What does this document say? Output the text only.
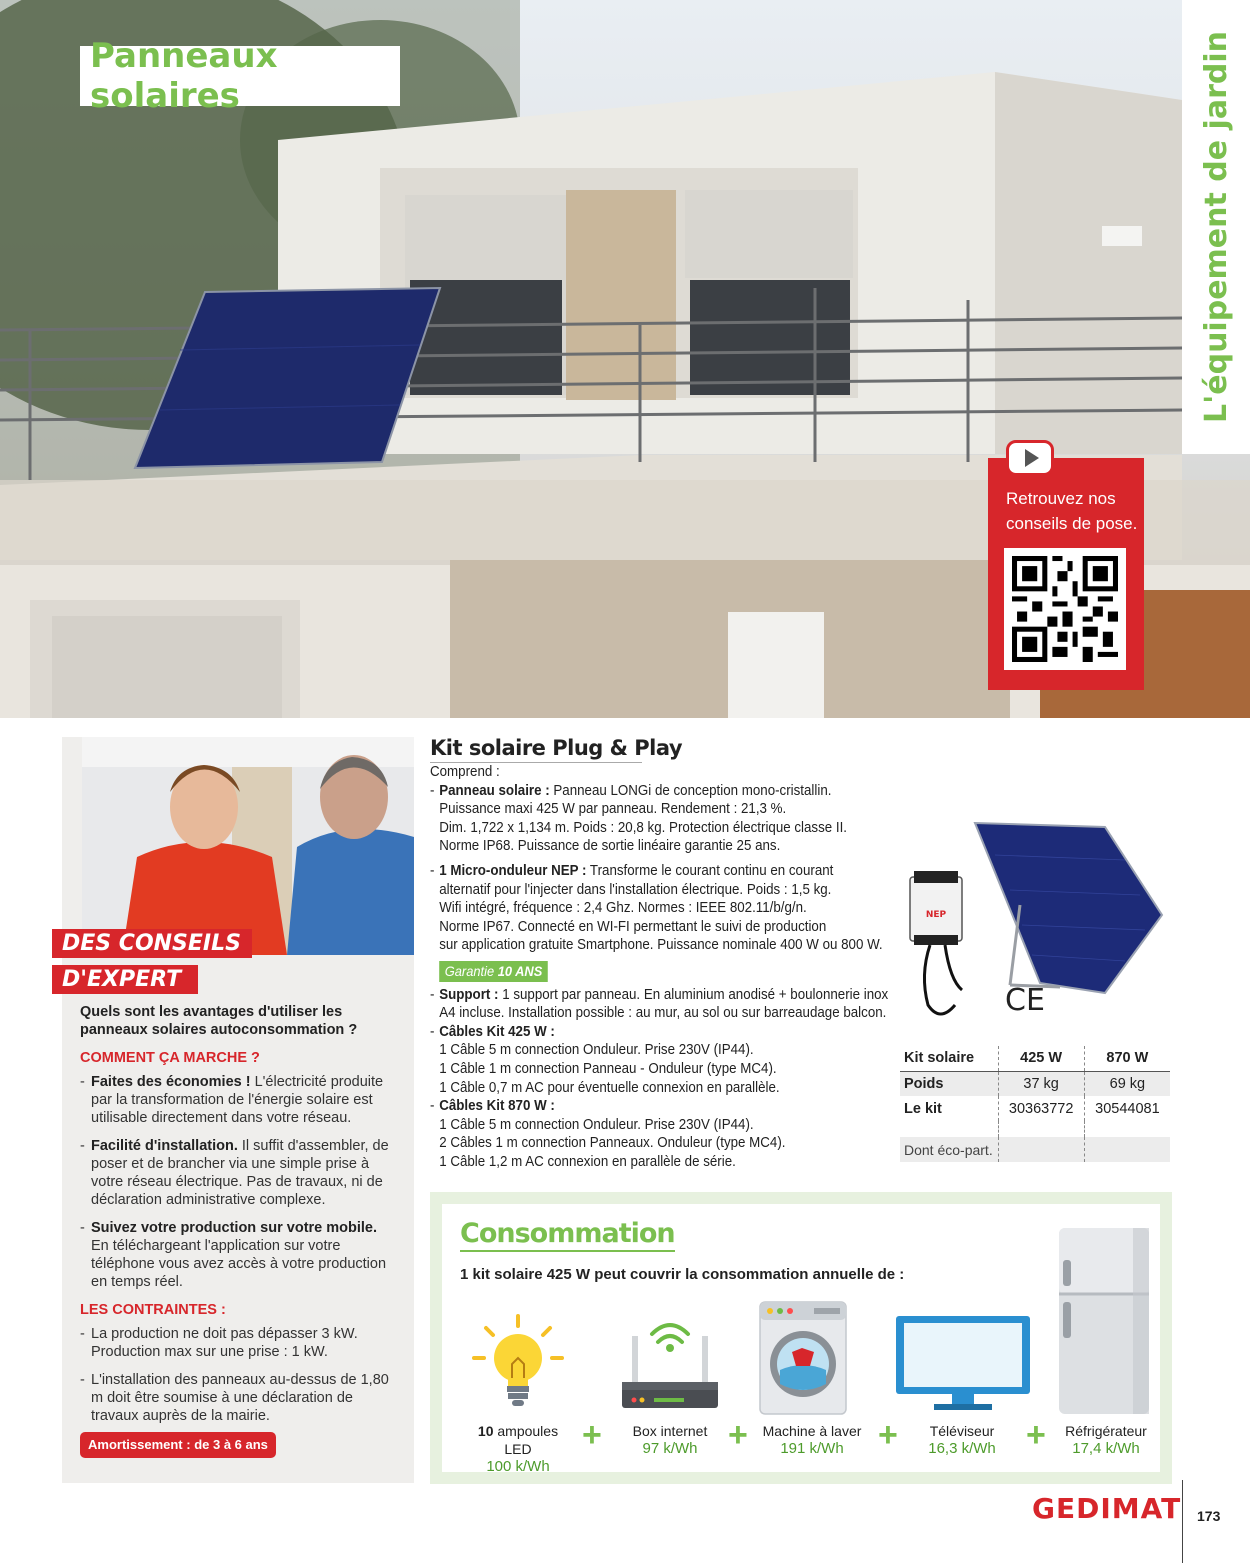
Panneaux solaires	L'équipement de jardin
Retrouvez nos
conseils de pose.
DES CONSEILS
D'EXPERT
Quels sont les avantages d'utiliser les panneaux solaires autoconsommation ?
COMMENT ÇA MARCHE ?
- Faites des économies ! L'électricité produite par la transformation de l'énergie solaire est utilisable directement dans votre réseau.
- Facilité d'installation. Il suffit d'assembler, de poser et de brancher via une simple prise à votre réseau électrique. Pas de travaux, ni de déclaration administrative complexe.
- Suivez votre production sur votre mobile. En téléchargeant l'application sur votre téléphone vous avez accès à votre production en temps réel.
LES CONTRAINTES :
- La production ne doit pas dépasser 3 kW. Production max sur une prise : 1 kW.
- L'installation des panneaux au-dessus de 1,80 m doit être soumise à une déclaration de travaux auprès de la mairie.
Amortissement : de 3 à 6 ans
Kit solaire Plug & Play
Comprend :
- Panneau solaire : Panneau LONGi de conception mono-cristallin.
Puissance maxi 425 W par panneau. Rendement : 21,3 %.
Dim. 1,722 x 1,134 m. Poids : 20,8 kg. Protection électrique classe II.
Norme IP68. Puissance de sortie linéaire garantie 25 ans.
- 1 Micro-onduleur NEP : Transforme le courant continu en courant
alternatif pour l'injecter dans l'installation électrique. Poids : 1,5 kg.
Wifi intégré, fréquence : 2,4 Ghz. Normes : IEEE 802.11/b/g/n.
Norme IP67. Connecté en WI-FI permettant le suivi de production
sur application gratuite Smartphone. Puissance nominale 400 W ou 800 W.
Garantie 10 ANS
- Support : 1 support par panneau. En aluminium anodisé + boulonnerie inox
A4 incluse. Installation possible : au mur, au sol ou sur barreaudage balcon.
- Câbles Kit 425 W :
1 Câble 5 m connection Onduleur. Prise 230V (IP44).
1 Câble 1 m connection Panneau - Onduleur (type MC4).
1 Câble 0,7 m AC pour éventuelle connexion en parallèle.
- Câbles Kit 870 W :
1 Câble 5 m connection Onduleur. Prise 230V (IP44).
2 Câbles 1 m connection Panneaux. Onduleur (type MC4).
1 Câble 1,2 m AC connexion en parallèle de série.
NEP
CE
Kit solaire	425 W	870 W
Poids	37 kg	69 kg
Le kit	30363772	30544081

Dont éco-part.		
Consommation
1 kit solaire 425 W peut couvrir la consommation annuelle de :
10 ampoules LED
100 k/Wh
+	Box internet
97 k/Wh +	Machine à laver
191 k/Wh	+	Téléviseur
16,3 k/Wh +	Réfrigérateur
17,4 k/Wh
GEDIMAT 173
